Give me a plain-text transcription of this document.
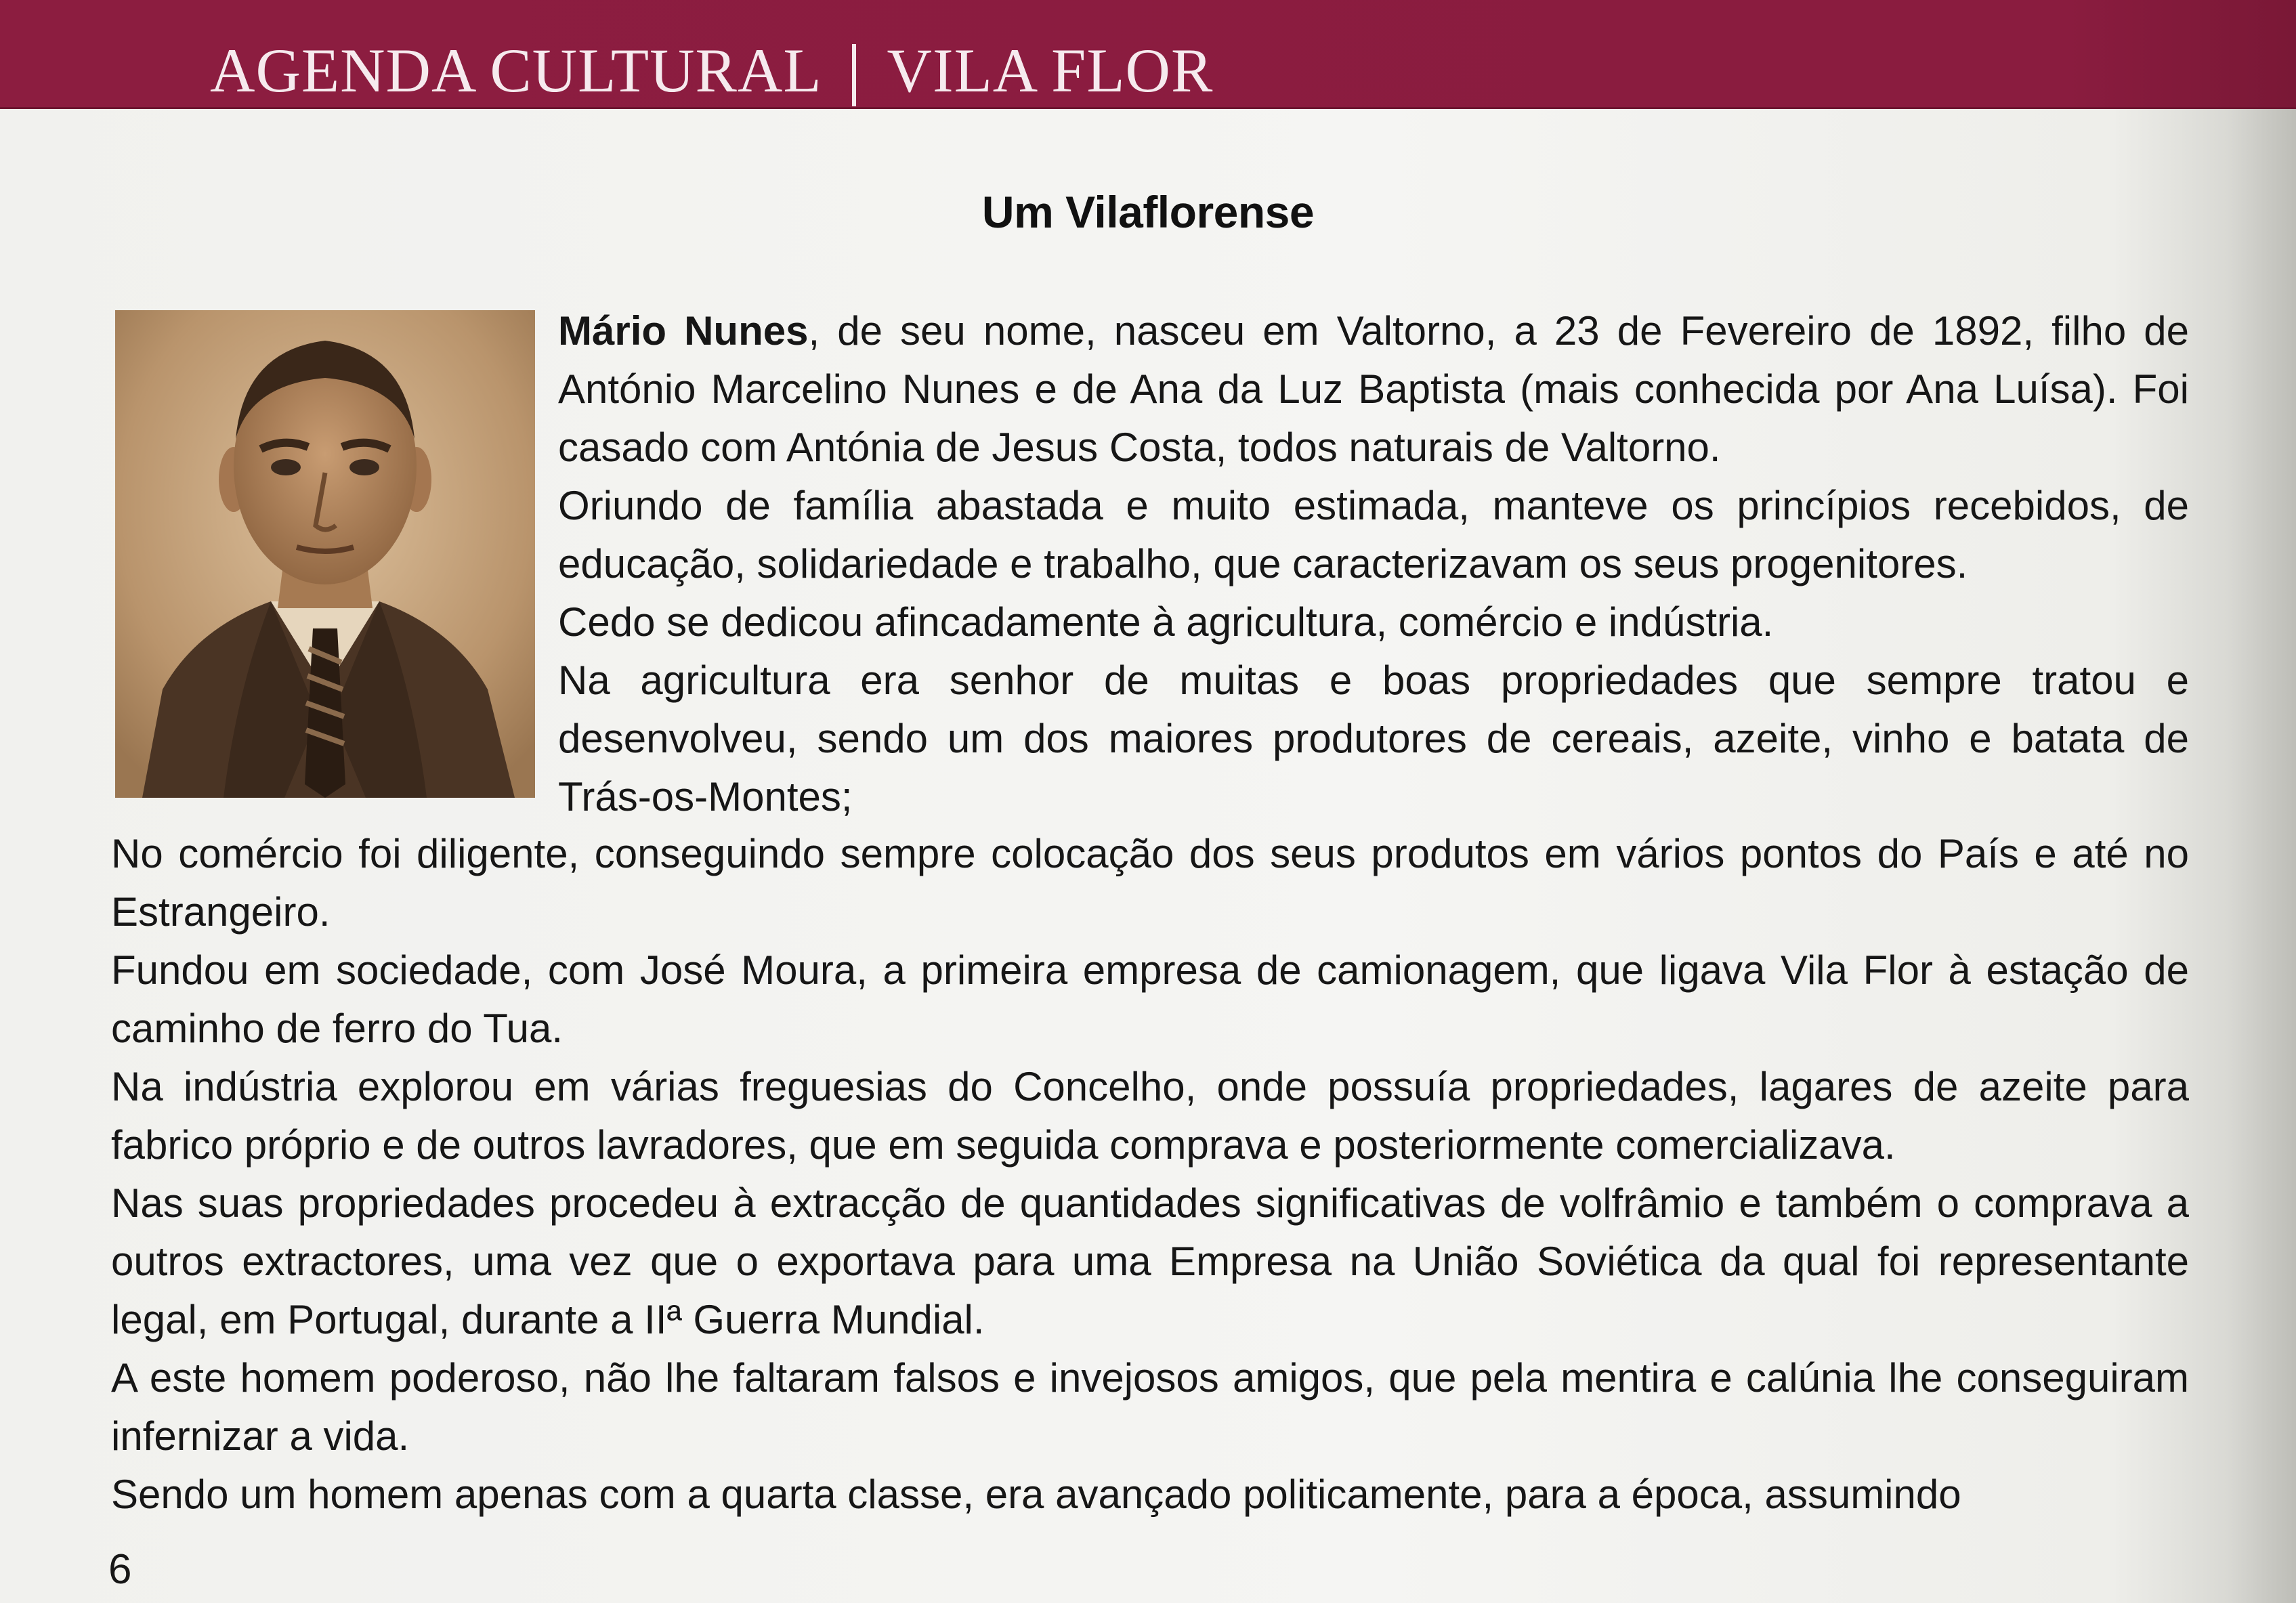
AGENDA CULTURAL VILA FLOR
Um Vilaflorense

Mário Nunes, de seu nome, nasceu em Valtorno, a 23 de Fevereiro de 1892, filho de António Marcelino Nunes e de Ana da Luz Baptista (mais conhecida por Ana Luísa). Foi casado com Antónia de Jesus Costa, todos naturais de Valtorno.

Oriundo de família abastada e muito estimada, manteve os princípios recebidos, de educação, solidariedade e trabalho, que caracterizavam os seus progenitores.

Cedo se dedicou afincadamente à agricultura, comércio e indústria.

Na agricultura era senhor de muitas e boas propriedades que sempre tratou e desenvolveu, sendo um dos maiores produtores de cereais, azeite, vinho e batata de Trás-os-Montes;

No comércio foi diligente, conseguindo sempre colocação dos seus produtos em vários pontos do País e até no Estrangeiro.

Fundou em sociedade, com José Moura, a primeira empresa de camionagem, que ligava Vila Flor à estação de caminho de ferro do Tua.

Na indústria explorou em várias freguesias do Concelho, onde possuía propriedades, lagares de azeite para fabrico próprio e de outros lavradores, que em seguida comprava e posteriormente comercializava.

Nas suas propriedades procedeu à extracção de quantidades significativas de volfrâmio e também o comprava a outros extractores, uma vez que o exportava para uma Empresa na União Soviética da qual foi representante legal, em Portugal, durante a IIª Guerra Mundial.

A este homem poderoso, não lhe faltaram falsos e invejosos amigos, que pela mentira e calúnia lhe conseguiram infernizar a vida.

Sendo um homem apenas com a quarta classe, era avançado politicamente, para a época, assumindo

6
